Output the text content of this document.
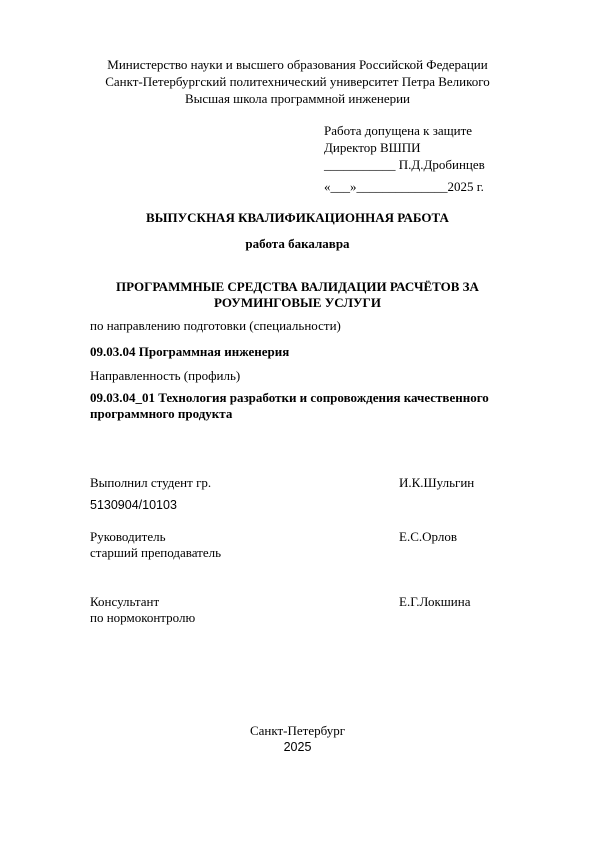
Министерство науки и высшего образования Российской Федерации
Санкт-Петербургский политехнический университет Петра Великого
Высшая школа программной инженерии
Работа допущена к защите
Директор ВШПИ
___________ П.Д.Дробинцев
«___»______________2025 г.
ВЫПУСКНАЯ КВАЛИФИКАЦИОННАЯ РАБОТА
работа бакалавра
ПРОГРАММНЫЕ СРЕДСТВА ВАЛИДАЦИИ РАСЧЁТОВ ЗА
РОУМИНГОВЫЕ УСЛУГИ
по направлению подготовки (специальности)
09.03.04 Программная инженерия
Направленность (профиль)
09.03.04_01 Технология разработки и сопровождения качественного
программного продукта
Выполнил студент гр.
5130904/10103
И.К.Шульгин
Руководитель
старший преподаватель
Е.С.Орлов
Консультант
по нормоконтролю
Е.Г.Локшина
Санкт-Петербург
2025
